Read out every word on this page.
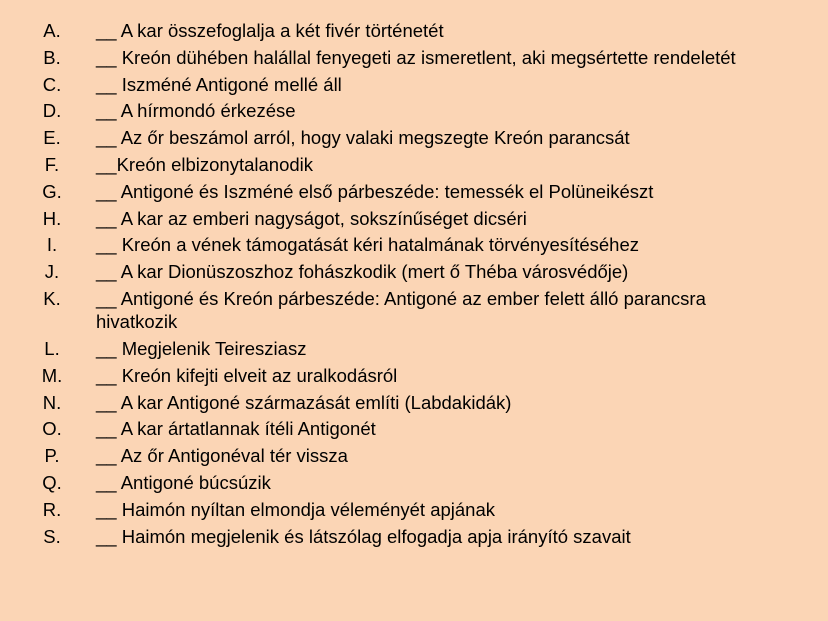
A.	__ A kar összefoglalja a két fivér történetét
B.	__ Kreón dühében halállal fenyegeti az ismeretlent, aki megsértette rendeletét
C.	__ Iszméné Antigoné mellé áll
D.	__ A hírmondó érkezése
E.	__ Az őr beszámol arról, hogy valaki megszegte Kreón parancsát
F.	__Kreón elbizonytalanodik
G.	__ Antigoné és Iszméné első párbeszéde: temessék el Polüneikészt
H.	__ A kar az emberi nagyságot, sokszínűséget dicséri
I.	__ Kreón a vének támogatását kéri hatalmának törvényesítéséhez
J.	__ A kar Dionüszoszhoz fohászkodik (mert ő Théba városvédője)
K.	__ Antigoné és Kreón párbeszéde: Antigoné az ember felett álló parancsra hivatkozik
L.	__ Megjelenik Teiresziasz
M.	__ Kreón kifejti elveit az uralkodásról
N.	__ A kar Antigoné származását említi (Labdakidák)
O.	__ A kar ártatlannak ítéli Antigonét
P.	__ Az őr Antigonéval tér vissza
Q.	__ Antigoné búcsúzik
R.	__ Haimón nyíltan elmondja véleményét apjának
S.	__ Haimón megjelenik és látszólag elfogadja apja irányító szavait
